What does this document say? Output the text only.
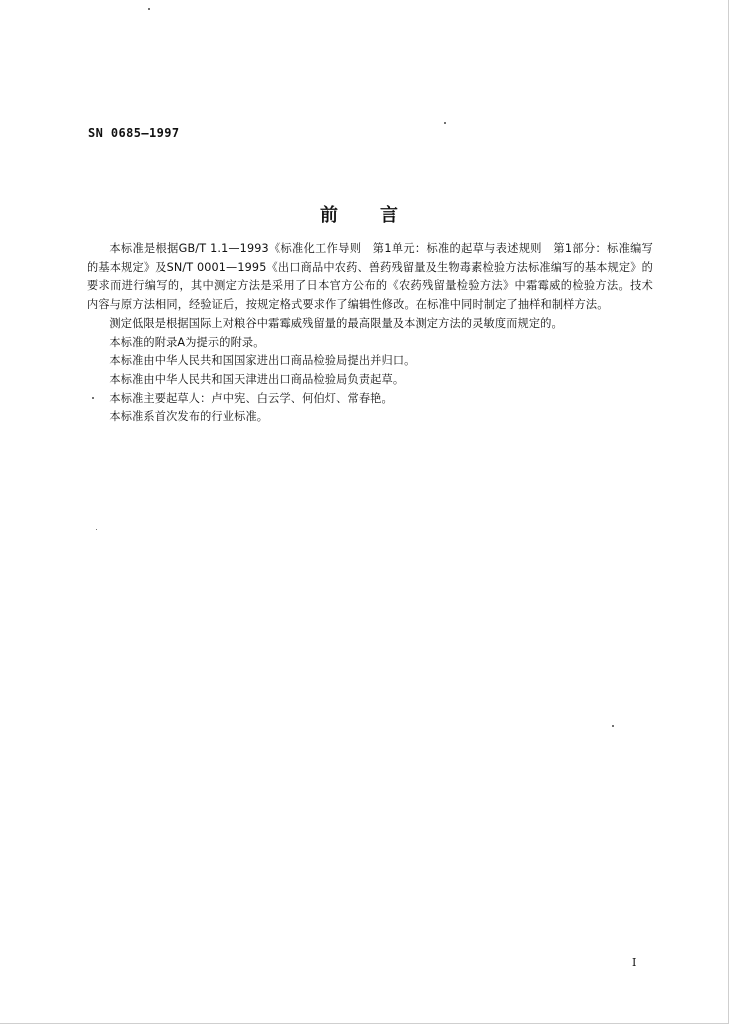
SN 0685—1997
前 言

本标准是根据GB/T 1.1—1993《标准化工作导则　第1单元：标准的起草与表述规则　第1部分：标准编写的基本规定》及SN/T 0001—1995《出口商品中农药、兽药残留量及生物毒素检验方法标准编写的基本规定》的要求而进行编写的，其中测定方法是采用了日本官方公布的《农药残留量检验方法》中霜霉威的检验方法。技术内容与原方法相同，经验证后，按规定格式要求作了编辑性修改。在标准中同时制定了抽样和制样方法。

测定低限是根据国际上对粮谷中霜霉威残留量的最高限量及本测定方法的灵敏度而规定的。

本标准的附录A为提示的附录。

本标准由中华人民共和国国家进出口商品检验局提出并归口。

本标准由中华人民共和国天津进出口商品检验局负责起草。

本标准主要起草人：卢中宪、白云学、何伯灯、常春艳。

本标准系首次发布的行业标准。

I
